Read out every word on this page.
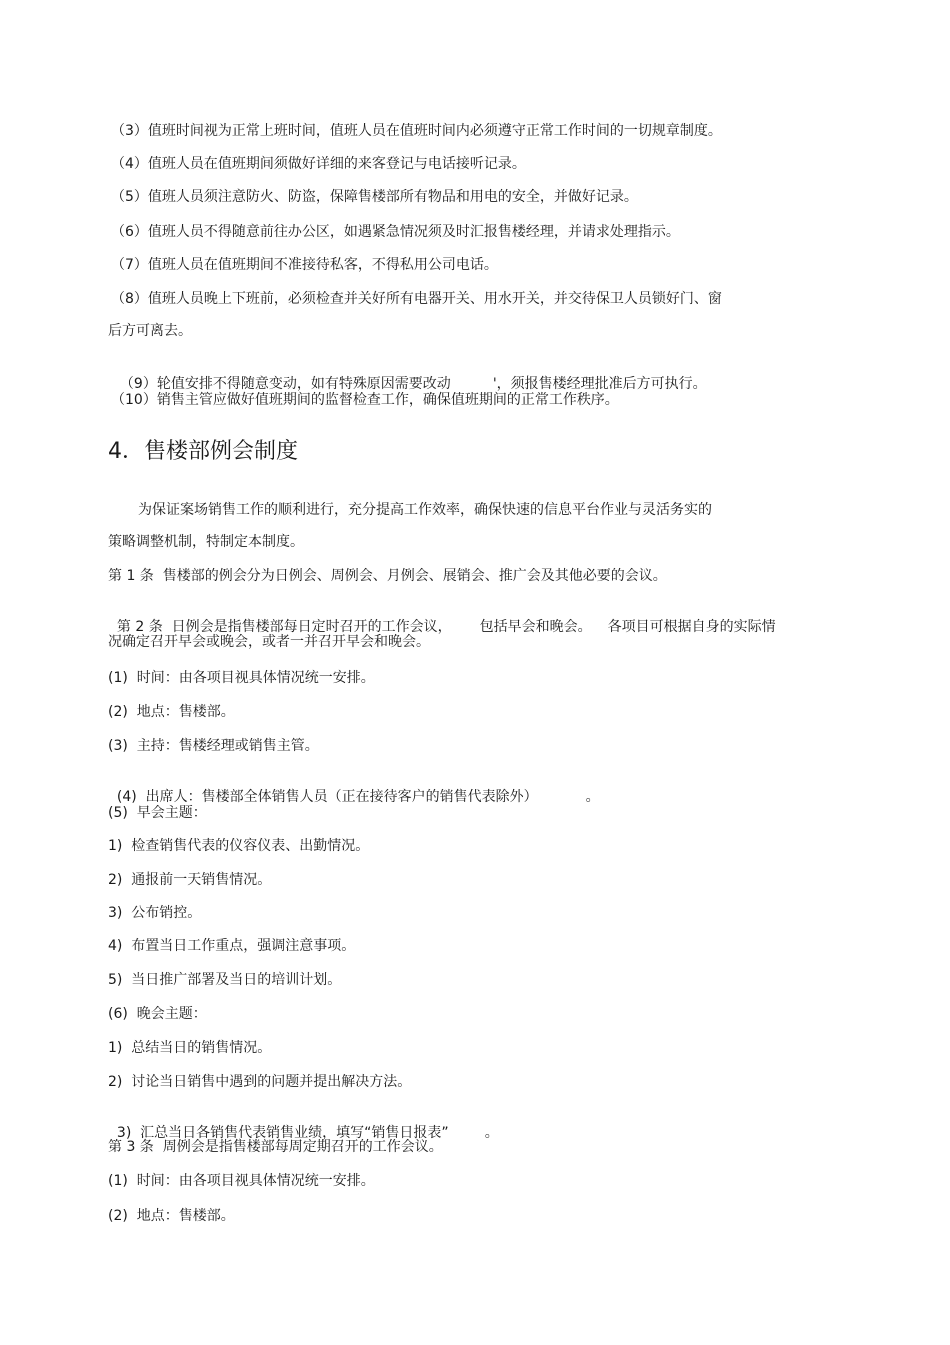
（3）值班时间视为正常上班时间，值班人员在值班时间内必须遵守正常工作时间的一切规章制度。
（4）值班人员在值班期间须做好详细的来客登记与电话接听记录。
（5）值班人员须注意防火、防盗，保障售楼部所有物品和用电的安全，并做好记录。
（6）值班人员不得随意前往办公区，如遇紧急情况须及时汇报售楼经理，并请求处理指示。
（7）值班人员在值班期间不准接待私客，不得私用公司电话。
（8）值班人员晚上下班前，必须检查并关好所有电器开关、用水开关，并交待保卫人员锁好门、窗
后方可离去。

（9）轮值安排不得随意变动，如有特殊原因需要改动	'，须报售楼经理批准后方可执行。

（10）销售主管应做好值班期间的监督检查工作，确保值班期间的正常工作秩序。
4．售楼部例会制度
为保证案场销售工作的顺利进行，充分提高工作效率，确保快速的信息平台作业与灵活务实的
策略调整机制，特制定本制度。
第 1 条  售楼部的例会分为日例会、周例会、月例会、展销会、推广会及其他必要的会议。

第 2 条  日例会是指售楼部每日定时召开的工作会议， 包括早会和晚会。 各项目可根据自身的实际情

况确定召开早会或晚会，或者一并召开早会和晚会。
(1)  时间：由各项目视具体情况统一安排。
(2)  地点：售楼部。
(3)  主持：售楼经理或销售主管。

(4)  出席人：售楼部全体销售人员（正在接待客户的销售代表除外）	。

(5)  早会主题：
1)  检查销售代表的仪容仪表、出勤情况。
2)  通报前一天销售情况。
3)  公布销控。
4)  布置当日工作重点，强调注意事项。
5)  当日推广部署及当日的培训计划。
(6)  晚会主题：
1)  总结当日的销售情况。
2)  讨论当日销售中遇到的问题并提出解决方法。

3)  汇总当日各销售代表销售业绩，填写“销售日报表”	。

第 3 条  周例会是指售楼部每周定期召开的工作会议。
(1)  时间：由各项目视具体情况统一安排。
(2)  地点：售楼部。
